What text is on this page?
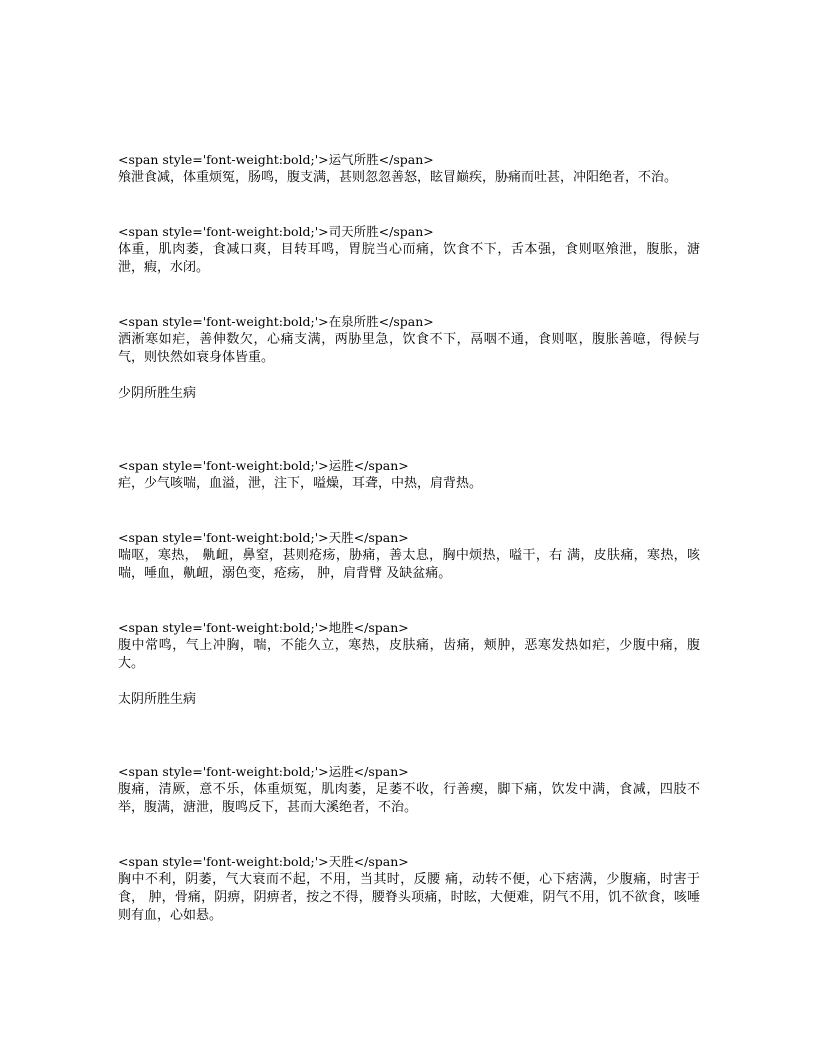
<span style='font-weight:bold;'>运气所胜</span>
飧泄食减，体重烦冤，肠鸣，腹支满，甚则忽忽善怒，眩冒巅疾，胁痛而吐甚，冲阳绝者，不治。
<span style='font-weight:bold;'>司天所胜</span>
体重，肌肉萎，食减口爽，目转耳鸣，胃脘当心而痛，饮食不下，舌本强，食则呕飧泄，腹胀，溏泄，瘕，水闭。
<span style='font-weight:bold;'>在泉所胜</span>
洒淅寒如疟，善伸数欠，心痛支满，两胁里急，饮食不下，鬲咽不通，食则呕，腹胀善噫，得候与气，则快然如衰身体皆重。
少阴所胜生病
<span style='font-weight:bold;'>运胜</span>
疟，少气咳喘，血溢，泄，注下，嗌燥，耳聋，中热，肩背热。
<span style='font-weight:bold;'>天胜</span>
喘呕，寒热， 鼽衄，鼻窒，甚则疮疡，胁痛，善太息，胸中烦热，嗌干，右 满，皮肤痛，寒热，咳喘，唾血，鼽衄，溺色变，疮疡， 肿，肩背臂 及缺盆痛。
<span style='font-weight:bold;'>地胜</span>
腹中常鸣，气上冲胸，喘，不能久立，寒热，皮肤痛，齿痛，颊肿，恶寒发热如疟，少腹中痛，腹大。
太阴所胜生病
<span style='font-weight:bold;'>运胜</span>
腹痛，清厥，意不乐，体重烦冤，肌肉萎，足萎不收，行善瘈，脚下痛，饮发中满，食减，四肢不举，腹满，溏泄，腹鸣反下，甚而大溪绝者，不治。
<span style='font-weight:bold;'>天胜</span>
胸中不利，阴萎，气大衰而不起，不用，当其时，反腰 痛，动转不便，心下痞满，少腹痛，时害于食， 肿，骨痛，阴痹，阴痹者，按之不得，腰脊头项痛，时眩，大便难，阴气不用，饥不欲食，咳唾则有血，心如悬。
